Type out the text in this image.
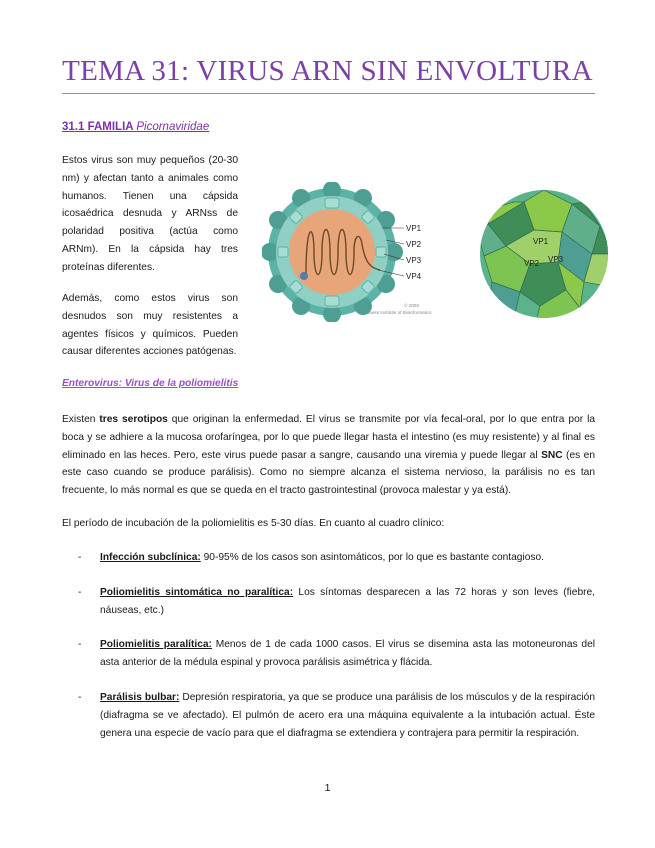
TEMA 31: VIRUS ARN SIN ENVOLTURA
31.1 FAMILIA Picornaviridae

Estos virus son muy pequeños (20-30 nm) y afectan tanto a animales como humanos. Tienen una cápsida icosaédrica desnuda y ARNss de polaridad positiva (actúa como ARNm). En la cápsida hay tres proteínas diferentes.

Además, como estos virus son desnudos son muy resistentes a agentes físicos y químicos. Pueden causar diferentes acciones patógenas.

VPg
VP1
VP2
VP3
VP4
© 2008
Swiss Institute of Bioinformatics
VP1
VP2 VP3
Enterovirus: Virus de la poliomielitis

Existen tres serotipos que originan la enfermedad. El virus se transmite por vía fecal-oral, por lo que entra por la boca y se adhiere a la mucosa orofaríngea, por lo que puede llegar hasta el intestino (es muy resistente) y al final es eliminado en las heces. Pero, este virus puede pasar a sangre, causando una viremia y puede llegar al SNC (es en este caso cuando se produce parálisis). Como no siempre alcanza el sistema nervioso, la parálisis no es tan frecuente, lo más normal es que se queda en el tracto gastrointestinal (provoca malestar y ya está).

El período de incubación de la poliomielitis es 5-30 días. En cuanto al cuadro clínico:

- Infección subclínica: 90-95% de los casos son asintomáticos, por lo que es bastante contagioso.
- Poliomielitis sintomática no paralítica: Los síntomas desparecen a las 72 horas y son leves (fiebre, náuseas, etc.)
- Poliomielitis paralítica: Menos de 1 de cada 1000 casos. El virus se disemina asta las motoneuronas del asta anterior de la médula espinal y provoca parálisis asimétrica y flácida.
- Parálisis bulbar: Depresión respiratoria, ya que se produce una parálisis de los músculos y de la respiración (diafragma se ve afectado). El pulmón de acero era una máquina equivalente a la intubación actual. Éste genera una especie de vacío para que el diafragma se extendiera y contrajera para permitir la respiración.

1
